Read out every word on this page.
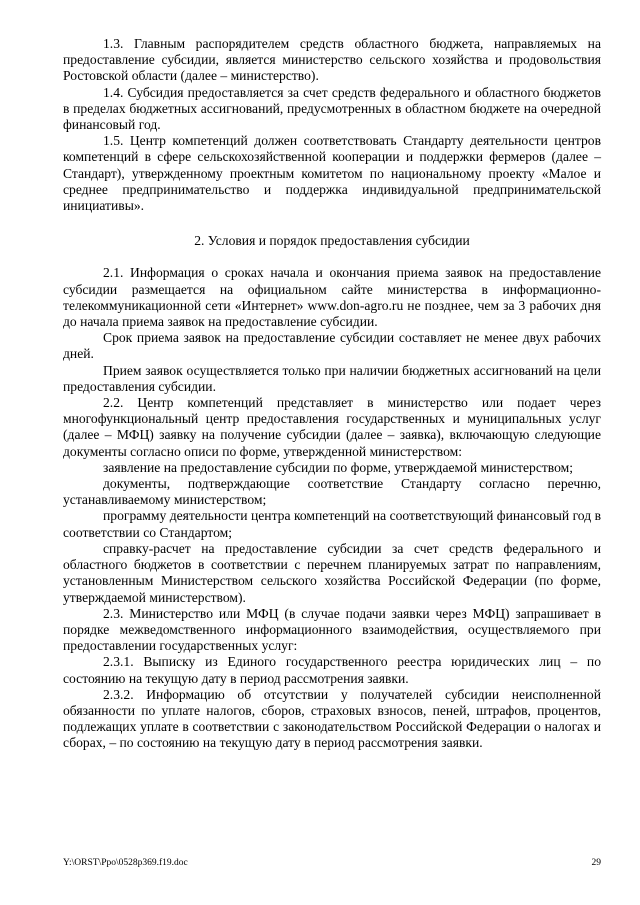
1.3. Главным распорядителем средств областного бюджета, направляемых на предоставление субсидии, является министерство сельского хозяйства и продовольствия Ростовской области (далее – министерство).

1.4. Субсидия предоставляется за счет средств федерального и областного бюджетов в пределах бюджетных ассигнований, предусмотренных в областном бюджете на очередной финансовый год.

1.5. Центр компетенций должен соответствовать Стандарту деятельности центров компетенций в сфере сельскохозяйственной кооперации и поддержки фермеров (далее – Стандарт), утвержденному проектным комитетом по национальному проекту «Малое и среднее предпринимательство и поддержка индивидуальной предпринимательской инициативы».

2. Условия и порядок предоставления субсидии

2.1. Информация о сроках начала и окончания приема заявок на предоставление субсидии размещается на официальном сайте министерства в информационно-телекоммуникационной сети «Интернет» www.don-agro.ru не позднее, чем за 3 рабочих дня до начала приема заявок на предоставление субсидии.

Срок приема заявок на предоставление субсидии составляет не менее двух рабочих дней.

Прием заявок осуществляется только при наличии бюджетных ассигнований на цели предоставления субсидии.

2.2. Центр компетенций представляет в министерство или подает через многофункциональный центр предоставления государственных и муниципальных услуг (далее – МФЦ) заявку на получение субсидии (далее – заявка), включающую следующие документы согласно описи по форме, утвержденной министерством:

заявление на предоставление субсидии по форме, утверждаемой министерством;

документы, подтверждающие соответствие Стандарту согласно перечню, устанавливаемому министерством;

программу деятельности центра компетенций на соответствующий финансовый год в соответствии со Стандартом;

справку-расчет на предоставление субсидии за счет средств федерального и областного бюджетов в соответствии с перечнем планируемых затрат по направлениям, установленным Министерством сельского хозяйства Российской Федерации (по форме, утверждаемой министерством).

2.3. Министерство или МФЦ (в случае подачи заявки через МФЦ) запрашивает в порядке межведомственного информационного взаимодействия, осуществляемого при предоставлении государственных услуг:

2.3.1. Выписку из Единого государственного реестра юридических лиц – по состоянию на текущую дату в период рассмотрения заявки.

2.3.2. Информацию об отсутствии у получателей субсидии неисполненной обязанности по уплате налогов, сборов, страховых взносов, пеней, штрафов, процентов, подлежащих уплате в соответствии с законодательством Российской Федерации о налогах и сборах, – по состоянию на текущую дату в период рассмотрения заявки.

Y:\ORST\Ppo\0528p369.f19.doc	29
